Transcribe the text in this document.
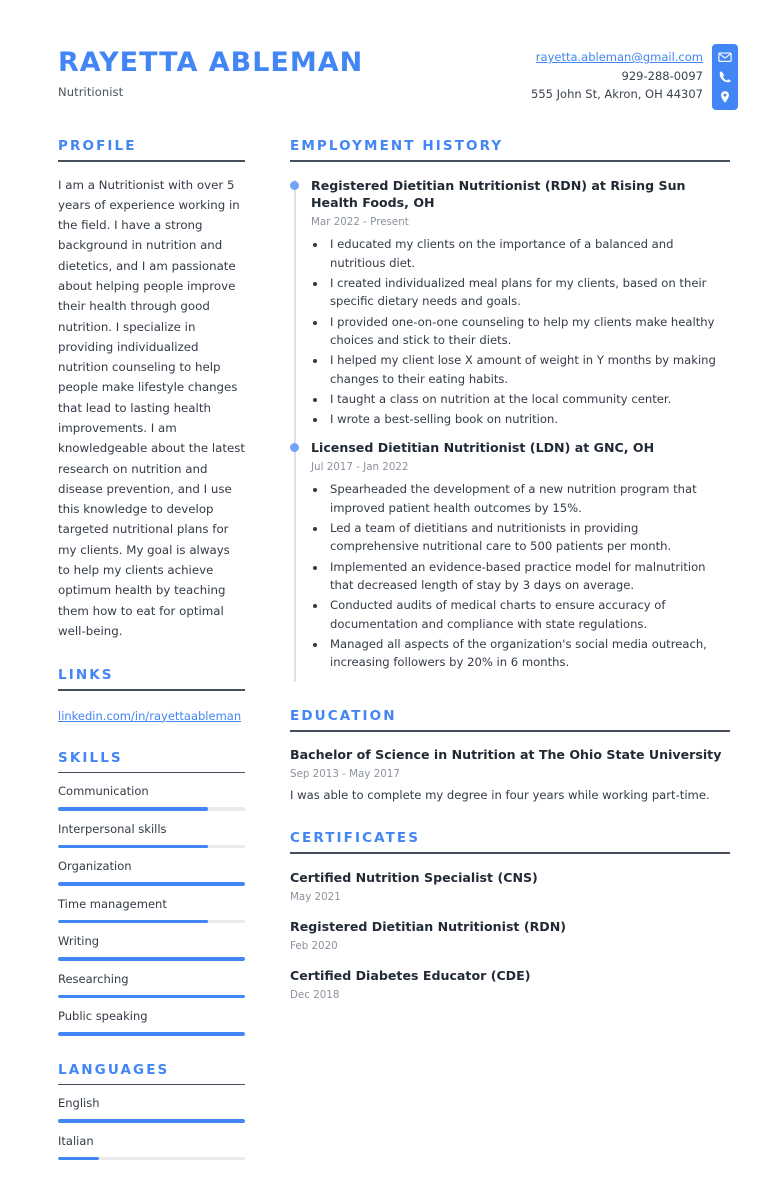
RAYETTA ABLEMAN
Nutritionist
rayetta.ableman@gmail.com
929-288-0097
555 John St, Akron, OH 44307
PROFILE
I am a Nutritionist with over 5 years of experience working in the field. I have a strong background in nutrition and dietetics, and I am passionate about helping people improve their health through good nutrition. I specialize in providing individualized nutrition counseling to help people make lifestyle changes that lead to lasting health improvements. I am knowledgeable about the latest research on nutrition and disease prevention, and I use this knowledge to develop targeted nutritional plans for my clients. My goal is always to help my clients achieve optimum health by teaching them how to eat for optimal well-being.
LINKS
linkedin.com/in/rayettaableman
SKILLS
Communication
Interpersonal skills
Organization
Time management
Writing
Researching
Public speaking
LANGUAGES
English
Italian
EMPLOYMENT HISTORY
Registered Dietitian Nutritionist (RDN) at Rising Sun Health Foods, OH
Mar 2022 - Present
• I educated my clients on the importance of a balanced and nutritious diet.
• I created individualized meal plans for my clients, based on their specific dietary needs and goals.
• I provided one-on-one counseling to help my clients make healthy choices and stick to their diets.
• I helped my client lose X amount of weight in Y months by making changes to their eating habits.
• I taught a class on nutrition at the local community center.
• I wrote a best-selling book on nutrition.
Licensed Dietitian Nutritionist (LDN) at GNC, OH
Jul 2017 - Jan 2022
• Spearheaded the development of a new nutrition program that improved patient health outcomes by 15%.
• Led a team of dietitians and nutritionists in providing comprehensive nutritional care to 500 patients per month.
• Implemented an evidence-based practice model for malnutrition that decreased length of stay by 3 days on average.
• Conducted audits of medical charts to ensure accuracy of documentation and compliance with state regulations.
• Managed all aspects of the organization's social media outreach, increasing followers by 20% in 6 months.
EDUCATION
Bachelor of Science in Nutrition at The Ohio State University
Sep 2013 - May 2017
I was able to complete my degree in four years while working part-time.
CERTIFICATES
Certified Nutrition Specialist (CNS)
May 2021
Registered Dietitian Nutritionist (RDN)
Feb 2020
Certified Diabetes Educator (CDE)
Dec 2018
